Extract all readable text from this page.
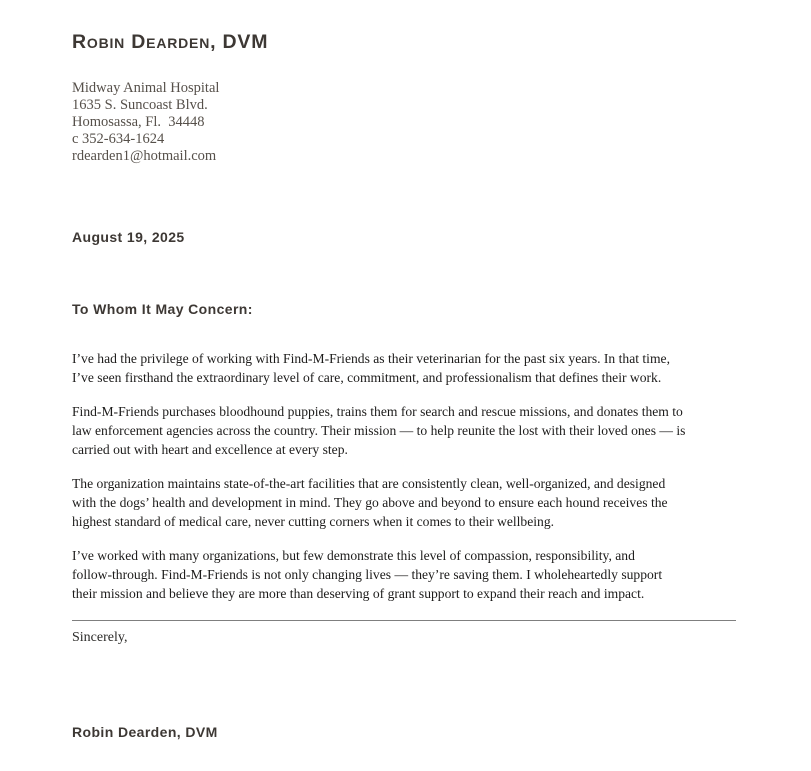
Robin Dearden, DVM
Midway Animal Hospital
1635 S. Suncoast Blvd.
Homosassa, Fl.  34448
c 352-634-1624
rdearden1@hotmail.com
August 19, 2025
To Whom It May Concern:
I’ve had the privilege of working with Find-M-Friends as their veterinarian for the past six years. In that time,
I’ve seen firsthand the extraordinary level of care, commitment, and professionalism that defines their work.
Find-M-Friends purchases bloodhound puppies, trains them for search and rescue missions, and donates them to
law enforcement agencies across the country. Their mission — to help reunite the lost with their loved ones — is
carried out with heart and excellence at every step.
The organization maintains state-of-the-art facilities that are consistently clean, well-organized, and designed
with the dogs’ health and development in mind. They go above and beyond to ensure each hound receives the
highest standard of medical care, never cutting corners when it comes to their wellbeing.
I’ve worked with many organizations, but few demonstrate this level of compassion, responsibility, and
follow-through. Find-M-Friends is not only changing lives — they’re saving them. I wholeheartedly support
their mission and believe they are more than deserving of grant support to expand their reach and impact.
Sincerely,
Robin Dearden, DVM
